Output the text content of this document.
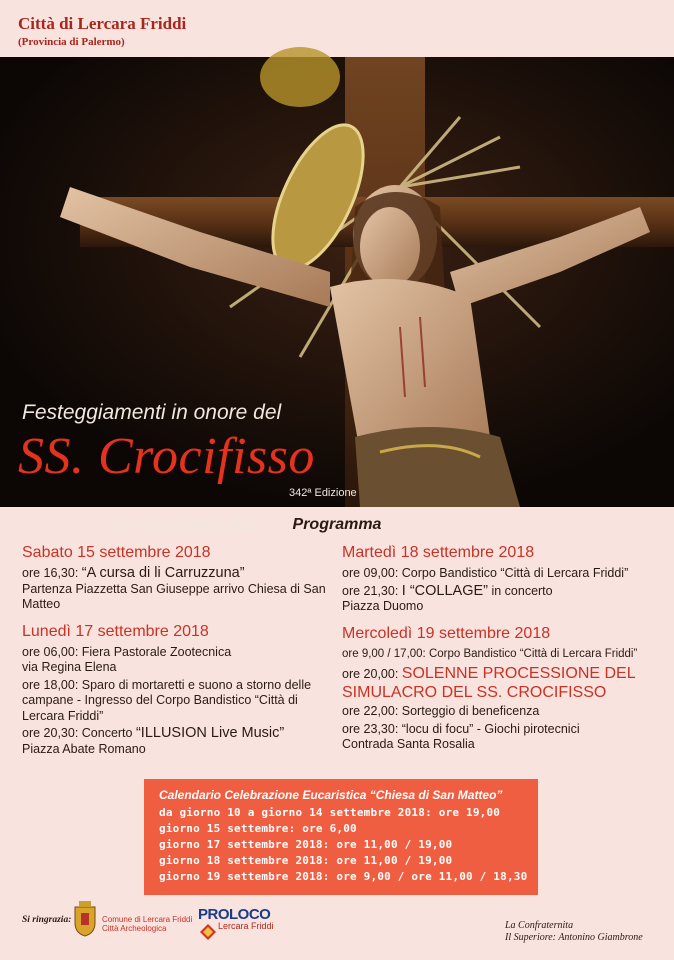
Città di Lercara Friddi
(Provincia di Palermo)
Festeggiamenti in onore del
SS. Crocifisso
342ª Edizione
15 > 19 settembre 2018	Programma
Sabato 15 settembre 2018
ore 16,30: “A cursa di li Carruzzuna”
Partenza Piazzetta San Giuseppe arrivo Chiesa di San Matteo
Lunedì 17 settembre 2018
ore 06,00: Fiera Pastorale Zootecnica
via Regina Elena
ore 18,00: Sparo di mortaretti e suono a storno delle campane - Ingresso del Corpo Bandistico “Città di Lercara Friddi”
ore 20,30: Concerto “ILLUSION Live Music”
Piazza Abate Romano
Martedì 18 settembre 2018
ore 09,00: Corpo Bandistico “Città di Lercara Friddi”
ore 21,30: I “COLLAGE” in concerto
Piazza Duomo
Mercoledì 19 settembre 2018
ore 9,00 / 17,00: Corpo Bandistico “Città di Lercara Friddi”
ore 20,00: SOLENNE PROCESSIONE DEL SIMULACRO DEL SS. CROCIFISSO
ore 22,00: Sorteggio di beneficenza
ore 23,30: “locu di focu” - Giochi pirotecnici
Contrada Santa Rosalia
Calendario Celebrazione Eucaristica “Chiesa di San Matteo”
da giorno 10 a giorno 14 settembre 2018: ore 19,00
giorno 15 settembre: ore 6,00
giorno 17 settembre 2018: ore 11,00 / 19,00
giorno 18 settembre 2018: ore 11,00 / 19,00
giorno 19 settembre 2018: ore 9,00 / ore 11,00 / 18,30
Si ringrazia:	Comune di Lercara Friddi
Città Archeologica
PROLOCO
Lercara Friddi	La Confraternita
Il Superiore: Antonino Giambrone
